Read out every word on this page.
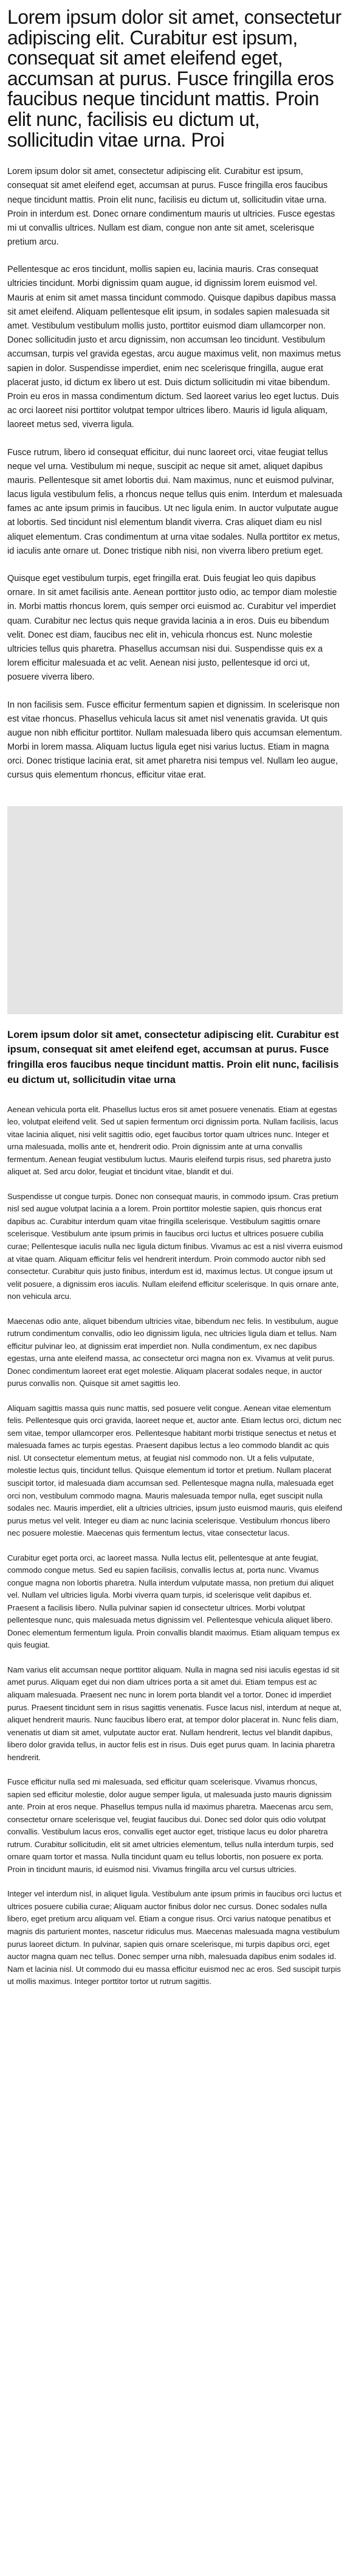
Lorem ipsum dolor sit amet, consectetur adipiscing elit. Curabitur est ipsum, consequat sit amet eleifend eget, accumsan at purus. Fusce fringilla eros faucibus neque tincidunt mattis. Proin elit nunc, facilisis eu dictum ut, sollicitudin vitae urna. Proi

Lorem ipsum dolor sit amet, consectetur adipiscing elit. Curabitur est ipsum, consequat sit amet eleifend eget, accumsan at purus. Fusce fringilla eros faucibus neque tincidunt mattis. Proin elit nunc, facilisis eu dictum ut, sollicitudin vitae urna. Proin in interdum est. Donec ornare condimentum mauris ut ultricies. Fusce egestas mi ut convallis ultrices. Nullam est diam, congue non ante sit amet, scelerisque pretium arcu.

Pellentesque ac eros tincidunt, mollis sapien eu, lacinia mauris. Cras consequat ultricies tincidunt. Morbi dignissim quam augue, id dignissim lorem euismod vel. Mauris at enim sit amet massa tincidunt commodo. Quisque dapibus dapibus massa sit amet eleifend. Aliquam pellentesque elit ipsum, in sodales sapien malesuada sit amet. Vestibulum vestibulum mollis justo, porttitor euismod diam ullamcorper non. Donec sollicitudin justo et arcu dignissim, non accumsan leo tincidunt. Vestibulum accumsan, turpis vel gravida egestas, arcu augue maximus velit, non maximus metus sapien in dolor. Suspendisse imperdiet, enim nec scelerisque fringilla, augue erat placerat justo, id dictum ex libero ut est. Duis dictum sollicitudin mi vitae bibendum. Proin eu eros in massa condimentum dictum. Sed laoreet varius leo eget luctus. Duis ac orci laoreet nisi porttitor volutpat tempor ultrices libero. Mauris id ligula aliquam, laoreet metus sed, viverra ligula.

Fusce rutrum, libero id consequat efficitur, dui nunc laoreet orci, vitae feugiat tellus neque vel urna. Vestibulum mi neque, suscipit ac neque sit amet, aliquet dapibus mauris. Pellentesque sit amet lobortis dui. Nam maximus, nunc et euismod pulvinar, lacus ligula vestibulum felis, a rhoncus neque tellus quis enim. Interdum et malesuada fames ac ante ipsum primis in faucibus. Ut nec ligula enim. In auctor vulputate augue at lobortis. Sed tincidunt nisl elementum blandit viverra. Cras aliquet diam eu nisl aliquet elementum. Cras condimentum at urna vitae sodales. Nulla porttitor ex metus, id iaculis ante ornare ut. Donec tristique nibh nisi, non viverra libero pretium eget.

Quisque eget vestibulum turpis, eget fringilla erat. Duis feugiat leo quis dapibus ornare. In sit amet facilisis ante. Aenean porttitor justo odio, ac tempor diam molestie in. Morbi mattis rhoncus lorem, quis semper orci euismod ac. Curabitur vel imperdiet quam. Curabitur nec lectus quis neque gravida lacinia a in eros. Duis eu bibendum velit. Donec est diam, faucibus nec elit in, vehicula rhoncus est. Nunc molestie ultricies tellus quis pharetra. Phasellus accumsan nisi dui. Suspendisse quis ex a lorem efficitur malesuada et ac velit. Aenean nisi justo, pellentesque id orci ut, posuere viverra libero.

In non facilisis sem. Fusce efficitur fermentum sapien et dignissim. In scelerisque non est vitae rhoncus. Phasellus vehicula lacus sit amet nisl venenatis gravida. Ut quis augue non nibh efficitur porttitor. Nullam malesuada libero quis accumsan elementum. Morbi in lorem massa. Aliquam luctus ligula eget nisi varius luctus. Etiam in magna orci. Donec tristique lacinia erat, sit amet pharetra nisi tempus vel. Nullam leo augue, cursus quis elementum rhoncus, efficitur vitae erat.

Lorem ipsum dolor sit amet, consectetur adipiscing elit. Curabitur est ipsum, consequat sit amet eleifend eget, accumsan at purus. Fusce fringilla eros faucibus neque tincidunt mattis. Proin elit nunc, facilisis eu dictum ut, sollicitudin vitae urna

Aenean vehicula porta elit. Phasellus luctus eros sit amet posuere venenatis. Etiam at egestas leo, volutpat eleifend velit. Sed ut sapien fermentum orci dignissim porta. Nullam facilisis, lacus vitae lacinia aliquet, nisi velit sagittis odio, eget faucibus tortor quam ultrices nunc. Integer et urna malesuada, mollis ante et, hendrerit odio. Proin dignissim ante at urna convallis fermentum. Aenean feugiat vestibulum luctus. Mauris eleifend turpis risus, sed pharetra justo aliquet at. Sed arcu dolor, feugiat et tincidunt vitae, blandit et dui.

Suspendisse ut congue turpis. Donec non consequat mauris, in commodo ipsum. Cras pretium nisl sed augue volutpat lacinia a a lorem. Proin porttitor molestie sapien, quis rhoncus erat dapibus ac. Curabitur interdum quam vitae fringilla scelerisque. Vestibulum sagittis ornare scelerisque. Vestibulum ante ipsum primis in faucibus orci luctus et ultrices posuere cubilia curae; Pellentesque iaculis nulla nec ligula dictum finibus. Vivamus ac est a nisl viverra euismod at vitae quam. Aliquam efficitur felis vel hendrerit interdum. Proin commodo auctor nibh sed consectetur. Curabitur quis justo finibus, interdum est id, maximus lectus. Ut congue ipsum ut velit posuere, a dignissim eros iaculis. Nullam eleifend efficitur scelerisque. In quis ornare ante, non vehicula arcu.

Maecenas odio ante, aliquet bibendum ultricies vitae, bibendum nec felis. In vestibulum, augue rutrum condimentum convallis, odio leo dignissim ligula, nec ultricies ligula diam et tellus. Nam efficitur pulvinar leo, at dignissim erat imperdiet non. Nulla condimentum, ex nec dapibus egestas, urna ante eleifend massa, ac consectetur orci magna non ex. Vivamus at velit purus. Donec condimentum laoreet erat eget molestie. Aliquam placerat sodales neque, in auctor purus convallis non. Quisque sit amet sagittis leo.

Aliquam sagittis massa quis nunc mattis, sed posuere velit congue. Aenean vitae elementum felis. Pellentesque quis orci gravida, laoreet neque et, auctor ante. Etiam lectus orci, dictum nec sem vitae, tempor ullamcorper eros. Pellentesque habitant morbi tristique senectus et netus et malesuada fames ac turpis egestas. Praesent dapibus lectus a leo commodo blandit ac quis nisl. Ut consectetur elementum metus, at feugiat nisl commodo non. Ut a felis vulputate, molestie lectus quis, tincidunt tellus. Quisque elementum id tortor et pretium. Nullam placerat suscipit tortor, id malesuada diam accumsan sed. Pellentesque magna nulla, malesuada eget orci non, vestibulum commodo magna. Mauris malesuada tempor nulla, eget suscipit nulla sodales nec. Mauris imperdiet, elit a ultricies ultricies, ipsum justo euismod mauris, quis eleifend purus metus vel velit. Integer eu diam ac nunc lacinia scelerisque. Vestibulum rhoncus libero nec posuere molestie. Maecenas quis fermentum lectus, vitae consectetur lacus.

Curabitur eget porta orci, ac laoreet massa. Nulla lectus elit, pellentesque at ante feugiat, commodo congue metus. Sed eu sapien facilisis, convallis lectus at, porta nunc. Vivamus congue magna non lobortis pharetra. Nulla interdum vulputate massa, non pretium dui aliquet vel. Nullam vel ultricies ligula. Morbi viverra quam turpis, id scelerisque velit dapibus et. Praesent a facilisis libero. Nulla pulvinar sapien id consectetur ultrices. Morbi volutpat pellentesque nunc, quis malesuada metus dignissim vel. Pellentesque vehicula aliquet libero. Donec elementum fermentum ligula. Proin convallis blandit maximus. Etiam aliquam tempus ex quis feugiat.

Nam varius elit accumsan neque porttitor aliquam. Nulla in magna sed nisi iaculis egestas id sit amet purus. Aliquam eget dui non diam ultrices porta a sit amet dui. Etiam tempus est ac aliquam malesuada. Praesent nec nunc in lorem porta blandit vel a tortor. Donec id imperdiet purus. Praesent tincidunt sem in risus sagittis venenatis. Fusce lacus nisl, interdum at neque at, aliquet hendrerit mauris. Nunc faucibus libero erat, at tempor dolor placerat in. Nunc felis diam, venenatis ut diam sit amet, vulputate auctor erat. Nullam hendrerit, lectus vel blandit dapibus, libero dolor gravida tellus, in auctor felis est in risus. Duis eget purus quam. In lacinia pharetra hendrerit.

Fusce efficitur nulla sed mi malesuada, sed efficitur quam scelerisque. Vivamus rhoncus, sapien sed efficitur molestie, dolor augue semper ligula, ut malesuada justo mauris dignissim ante. Proin at eros neque. Phasellus tempus nulla id maximus pharetra. Maecenas arcu sem, consectetur ornare scelerisque vel, feugiat faucibus dui. Donec sed dolor quis odio volutpat convallis. Vestibulum lacus eros, convallis eget auctor eget, tristique lacus eu dolor pharetra rutrum. Curabitur sollicitudin, elit sit amet ultricies elementum, tellus nulla interdum turpis, sed ornare quam tortor et massa. Nulla tincidunt quam eu tellus lobortis, non posuere ex porta. Proin in tincidunt mauris, id euismod nisi. Vivamus fringilla arcu vel cursus ultricies.

Integer vel interdum nisl, in aliquet ligula. Vestibulum ante ipsum primis in faucibus orci luctus et ultrices posuere cubilia curae; Aliquam auctor finibus dolor nec cursus. Donec sodales nulla libero, eget pretium arcu aliquam vel. Etiam a congue risus. Orci varius natoque penatibus et magnis dis parturient montes, nascetur ridiculus mus. Maecenas malesuada magna vestibulum purus laoreet dictum. In pulvinar, sapien quis ornare scelerisque, mi turpis dapibus orci, eget auctor magna quam nec tellus. Donec semper urna nibh, malesuada dapibus enim sodales id. Nam et lacinia nisl. Ut commodo dui eu massa efficitur euismod nec ac eros. Sed suscipit turpis ut mollis maximus. Integer porttitor tortor ut rutrum sagittis.
